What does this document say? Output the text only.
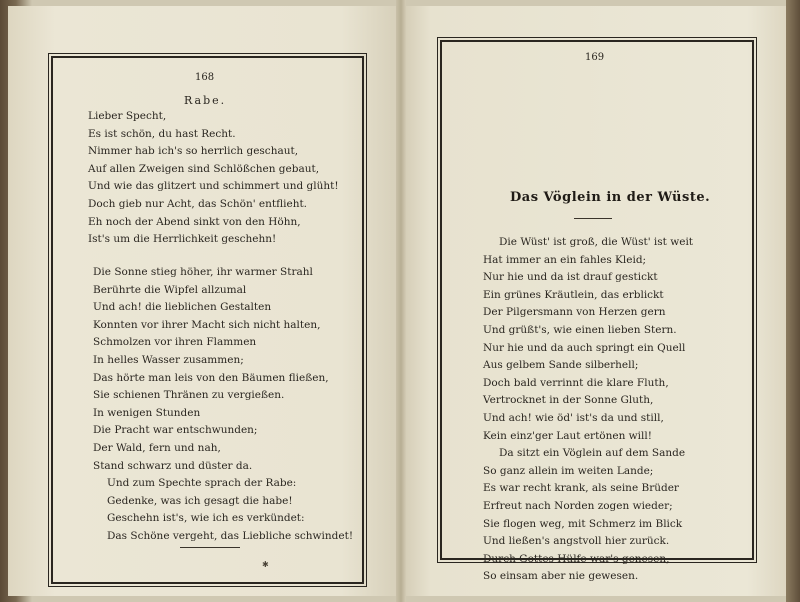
168
169
Rabe.
Lieber Specht,
Es ist schön, du hast Recht.
Nimmer hab ich's so herrlich geschaut,
Auf allen Zweigen sind Schlößchen gebaut,
Und wie das glitzert und schimmert und glüht!
Doch gieb nur Acht, das Schön' entflieht.
Eh noch der Abend sinkt von den Höhn,
Ist's um die Herrlichkeit geschehn!
Die Sonne stieg höher, ihr warmer Strahl
Berührte die Wipfel allzumal
Und ach! die lieblichen Gestalten
Konnten vor ihrer Macht sich nicht halten,
Schmolzen vor ihren Flammen
In helles Wasser zusammen;
Das hörte man leis von den Bäumen fließen,
Sie schienen Thränen zu vergießen.
In wenigen Stunden
Die Pracht war entschwunden;
Der Wald, fern und nah,
Stand schwarz und düster da.
Und zum Spechte sprach der Rabe:
Gedenke, was ich gesagt die habe!
Geschehn ist's, wie ich es verkündet:
Das Schöne vergeht, das Liebliche schwindet!
✱
Das Vöglein in der Wüste.
Die Wüst' ist groß, die Wüst' ist weit
Hat immer an ein fahles Kleid;
Nur hie und da ist drauf gestickt
Ein grünes Kräutlein, das erblickt
Der Pilgersmann von Herzen gern
Und grüßt's, wie einen lieben Stern.
Nur hie und da auch springt ein Quell
Aus gelbem Sande silberhell;
Doch bald verrinnt die klare Fluth,
Vertrocknet in der Sonne Gluth,
Und ach! wie öd' ist's da und still,
Kein einz'ger Laut ertönen will!
Da sitzt ein Vöglein auf dem Sande
So ganz allein im weiten Lande;
Es war recht krank, als seine Brüder
Erfreut nach Norden zogen wieder;
Sie flogen weg, mit Schmerz im Blick
Und ließen's angstvoll hier zurück.
Durch Gottes Hülfe war's genesen,
So einsam aber nie gewesen.
